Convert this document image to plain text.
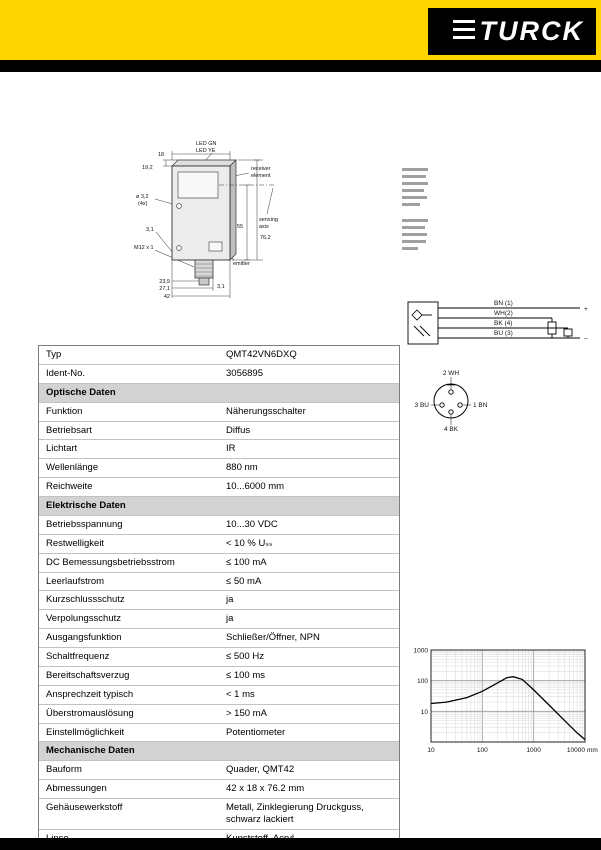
TURCK
18
19,2
LED GN
LED YE
receiver
element
ø 3,2
(4x)
3,1
M12 x 1
sensing
axis
55
76,2
emitter
23,9
27,1
42
3,1
BN (1)
WH(2)
BK (4)
BU (3)
+
−
2 WH
3 BU	1 BN
4 BK
Typ	QMT42VN6DXQ
Ident-No.	3056895
Optische Daten
Funktion	Näherungsschalter
Betriebsart	Diffus
Lichtart	IR
Wellenlänge	880 nm
Reichweite	10...6000 mm
Elektrische Daten
Betriebsspannung	10...30 VDC
Restwelligkeit	< 10 % Uₛₛ
DC Bemessungsbetriebsstrom	≤ 100 mA
Leerlaufstrom	≤ 50 mA
Kurzschlussschutz	ja
Verpolungsschutz	ja
Ausgangsfunktion	Schließer/Öffner, NPN
Schaltfrequenz	≤ 500 Hz
Bereitschaftsverzug	≤ 100 ms
Ansprechzeit typisch	< 1 ms
Überstromauslösung	> 150 mA
Einstellmöglichkeit	Potentiometer
Mechanische Daten
Bauform	Quader, QMT42
Abmessungen	42 x 18 x 76.2 mm
Gehäusewerkstoff	Metall, Zinklegierung Druckguss, schwarz lackiert
10	100	1000	10000 mm
10
100
1000
